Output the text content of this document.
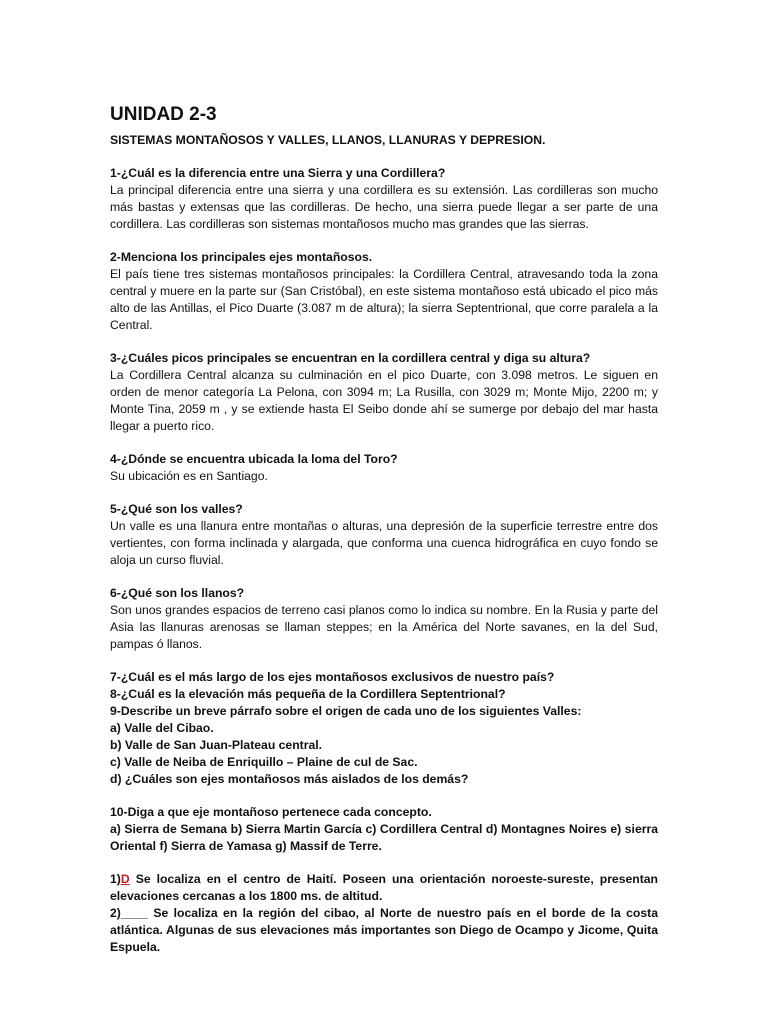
UNIDAD 2-3
SISTEMAS MONTAÑOSOS Y VALLES, LLANOS, LLANURAS Y DEPRESION.

1-¿Cuál es la diferencia entre una Sierra y una Cordillera?

La principal diferencia entre una sierra y una cordillera es su extensión. Las cordilleras son mucho más bastas y extensas que las cordilleras. De hecho, una sierra puede llegar a ser parte de una cordillera. Las cordilleras son sistemas montañosos mucho mas grandes que las sierras.

2-Menciona los principales ejes montañosos.

El país tiene tres sistemas montañosos principales: la Cordillera Central, atravesando toda la zona central y muere en la parte sur (San Cristóbal), en este sistema montañoso está ubicado el pico más alto de las Antillas, el Pico Duarte (3.087 m de altura); la sierra Septentrional, que corre paralela a la Central.

3-¿Cuáles picos principales se encuentran en la cordillera central y diga su altura?

La Cordillera Central alcanza su culminación en el pico Duarte, con 3.098 metros. Le siguen en orden de menor categoría La Pelona, con 3094 m; La Rusilla, con 3029 m; Monte Mijo, 2200 m; y Monte Tina, 2059 m , y se extiende hasta El Seibo donde ahí se sumerge por debajo del mar hasta llegar a puerto rico.

4-¿Dónde se encuentra ubicada la loma del Toro?

Su ubicación es en Santiago.

5-¿Qué son los valles?

Un valle es una llanura entre montañas o alturas, una depresión de la superficie terrestre entre dos vertientes, con forma inclinada y alargada, que conforma una cuenca hidrográfica en cuyo fondo se aloja un curso fluvial.

6-¿Qué son los llanos?

Son unos grandes espacios de terreno casi planos como lo indica su nombre. En la Rusia y parte del Asia las llanuras arenosas se llaman steppes; en la América del Norte savanes, en la del Sud, pampas ó llanos.

7-¿Cuál es el más largo de los ejes montañosos exclusivos de nuestro país?

8-¿Cuál es la elevación más pequeña de la Cordillera Septentrional?

9-Describe un breve párrafo sobre el origen de cada uno de los siguientes Valles:

a) Valle del Cibao.

b) Valle de San Juan-Plateau central.

c) Valle de Neiba de Enriquillo – Plaine de cul de Sac.

d) ¿Cuáles son ejes montañosos más aislados de los demás?

10-Diga a que eje montañoso pertenece cada concepto.

a) Sierra de Semana b) Sierra Martin García c) Cordillera Central d) Montagnes Noires e) sierra Oriental f) Sierra de Yamasa g) Massif de Terre.

1)D Se localiza en el centro de Haití. Poseen una orientación noroeste-sureste, presentan elevaciones cercanas a los 1800 ms. de altitud.

2)____ Se localiza en la región del cibao, al Norte de nuestro país en el borde de la costa atlántica. Algunas de sus elevaciones más importantes son Diego de Ocampo y Jicome, Quita Espuela.
